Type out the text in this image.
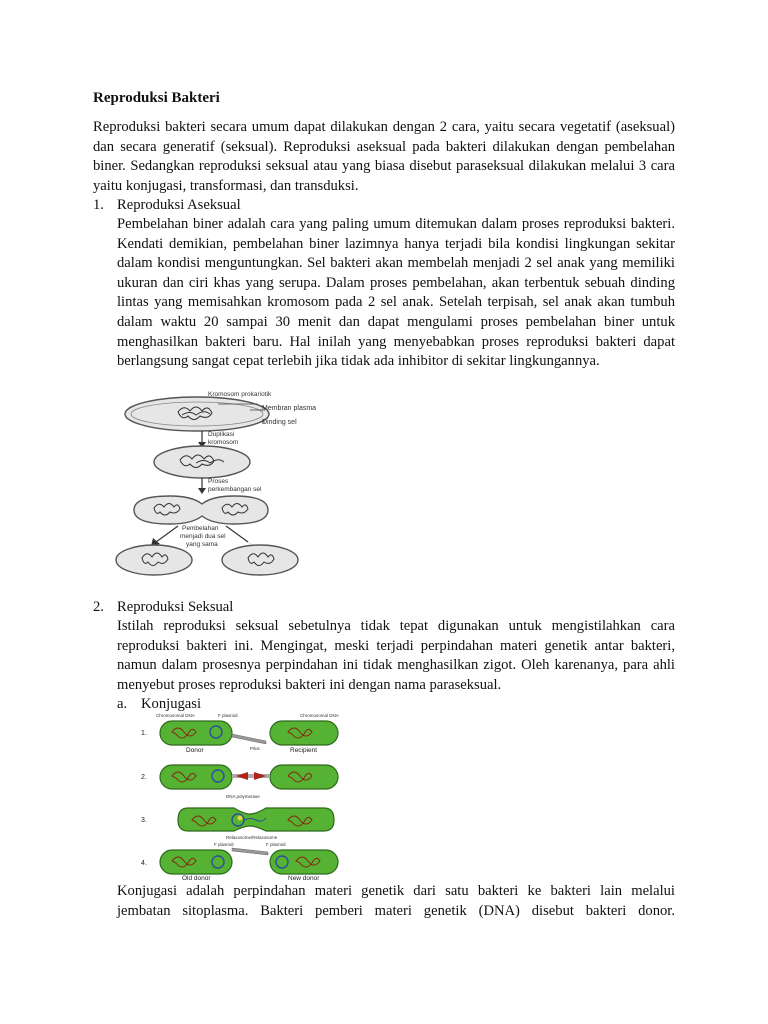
Reproduksi Bakteri
Reproduksi bakteri secara umum dapat dilakukan dengan 2 cara, yaitu secara vegetatif (aseksual) dan secara generatif (seksual). Reproduksi aseksual pada bakteri dilakukan dengan pembelahan biner. Sedangkan reproduksi seksual atau yang biasa disebut paraseksual dilakukan melalui 3 cara yaitu konjugasi, transformasi, dan transduksi.
1. Reproduksi Aseksual
Pembelahan biner adalah cara yang paling umum ditemukan dalam proses reproduksi bakteri. Kendati demikian, pembelahan biner lazimnya hanya terjadi bila kondisi lingkungan sekitar dalam kondisi menguntungkan. Sel bakteri akan membelah menjadi 2 sel anak yang memiliki ukuran dan ciri khas yang serupa. Dalam proses pembelahan, akan terbentuk sebuah dinding lintas yang memisahkan kromosom pada 2 sel anak. Setelah terpisah, sel anak akan tumbuh dalam waktu 20 sampai 30 menit dan dapat mengulami proses pembelahan biner untuk menghasilkan bakteri baru. Hal inilah yang menyebabkan proses reproduksi bakteri dapat berlangsung sangat cepat terlebih jika tidak ada inhibitor di sekitar lingkungannya.
Kromosom prokariotik
Membran plasma
Dinding sel
Duplikasi
kromosom
Proses
perkembangan sel
Pembelahan
menjadi dua sel
yang sama
2. Reproduksi Seksual
Istilah reproduksi seksual sebetulnya tidak tepat digunakan untuk mengistilahkan cara reproduksi bakteri ini. Mengingat, meski terjadi perpindahan materi genetik antar bakteri, namun dalam prosesnya perpindahan ini tidak menghasilkan zigot. Oleh karenanya, para ahli menyebut proses reproduksi bakteri ini dengan nama paraseksual.
a. Konjugasi
1.
Chromosomal DNA	F plasmid	Chromosomal DNA
Pilus
Donor	Recipient
2.
3.
DNA polymerase
Relaxosome/Relaxosome
4.
F plasmid	F plasmid
Old donor	New donor
Konjugasi adalah perpindahan materi genetik dari satu bakteri ke bakteri lain melalui
jembatan sitoplasma. Bakteri pemberi materi genetik (DNA) disebut bakteri donor.
